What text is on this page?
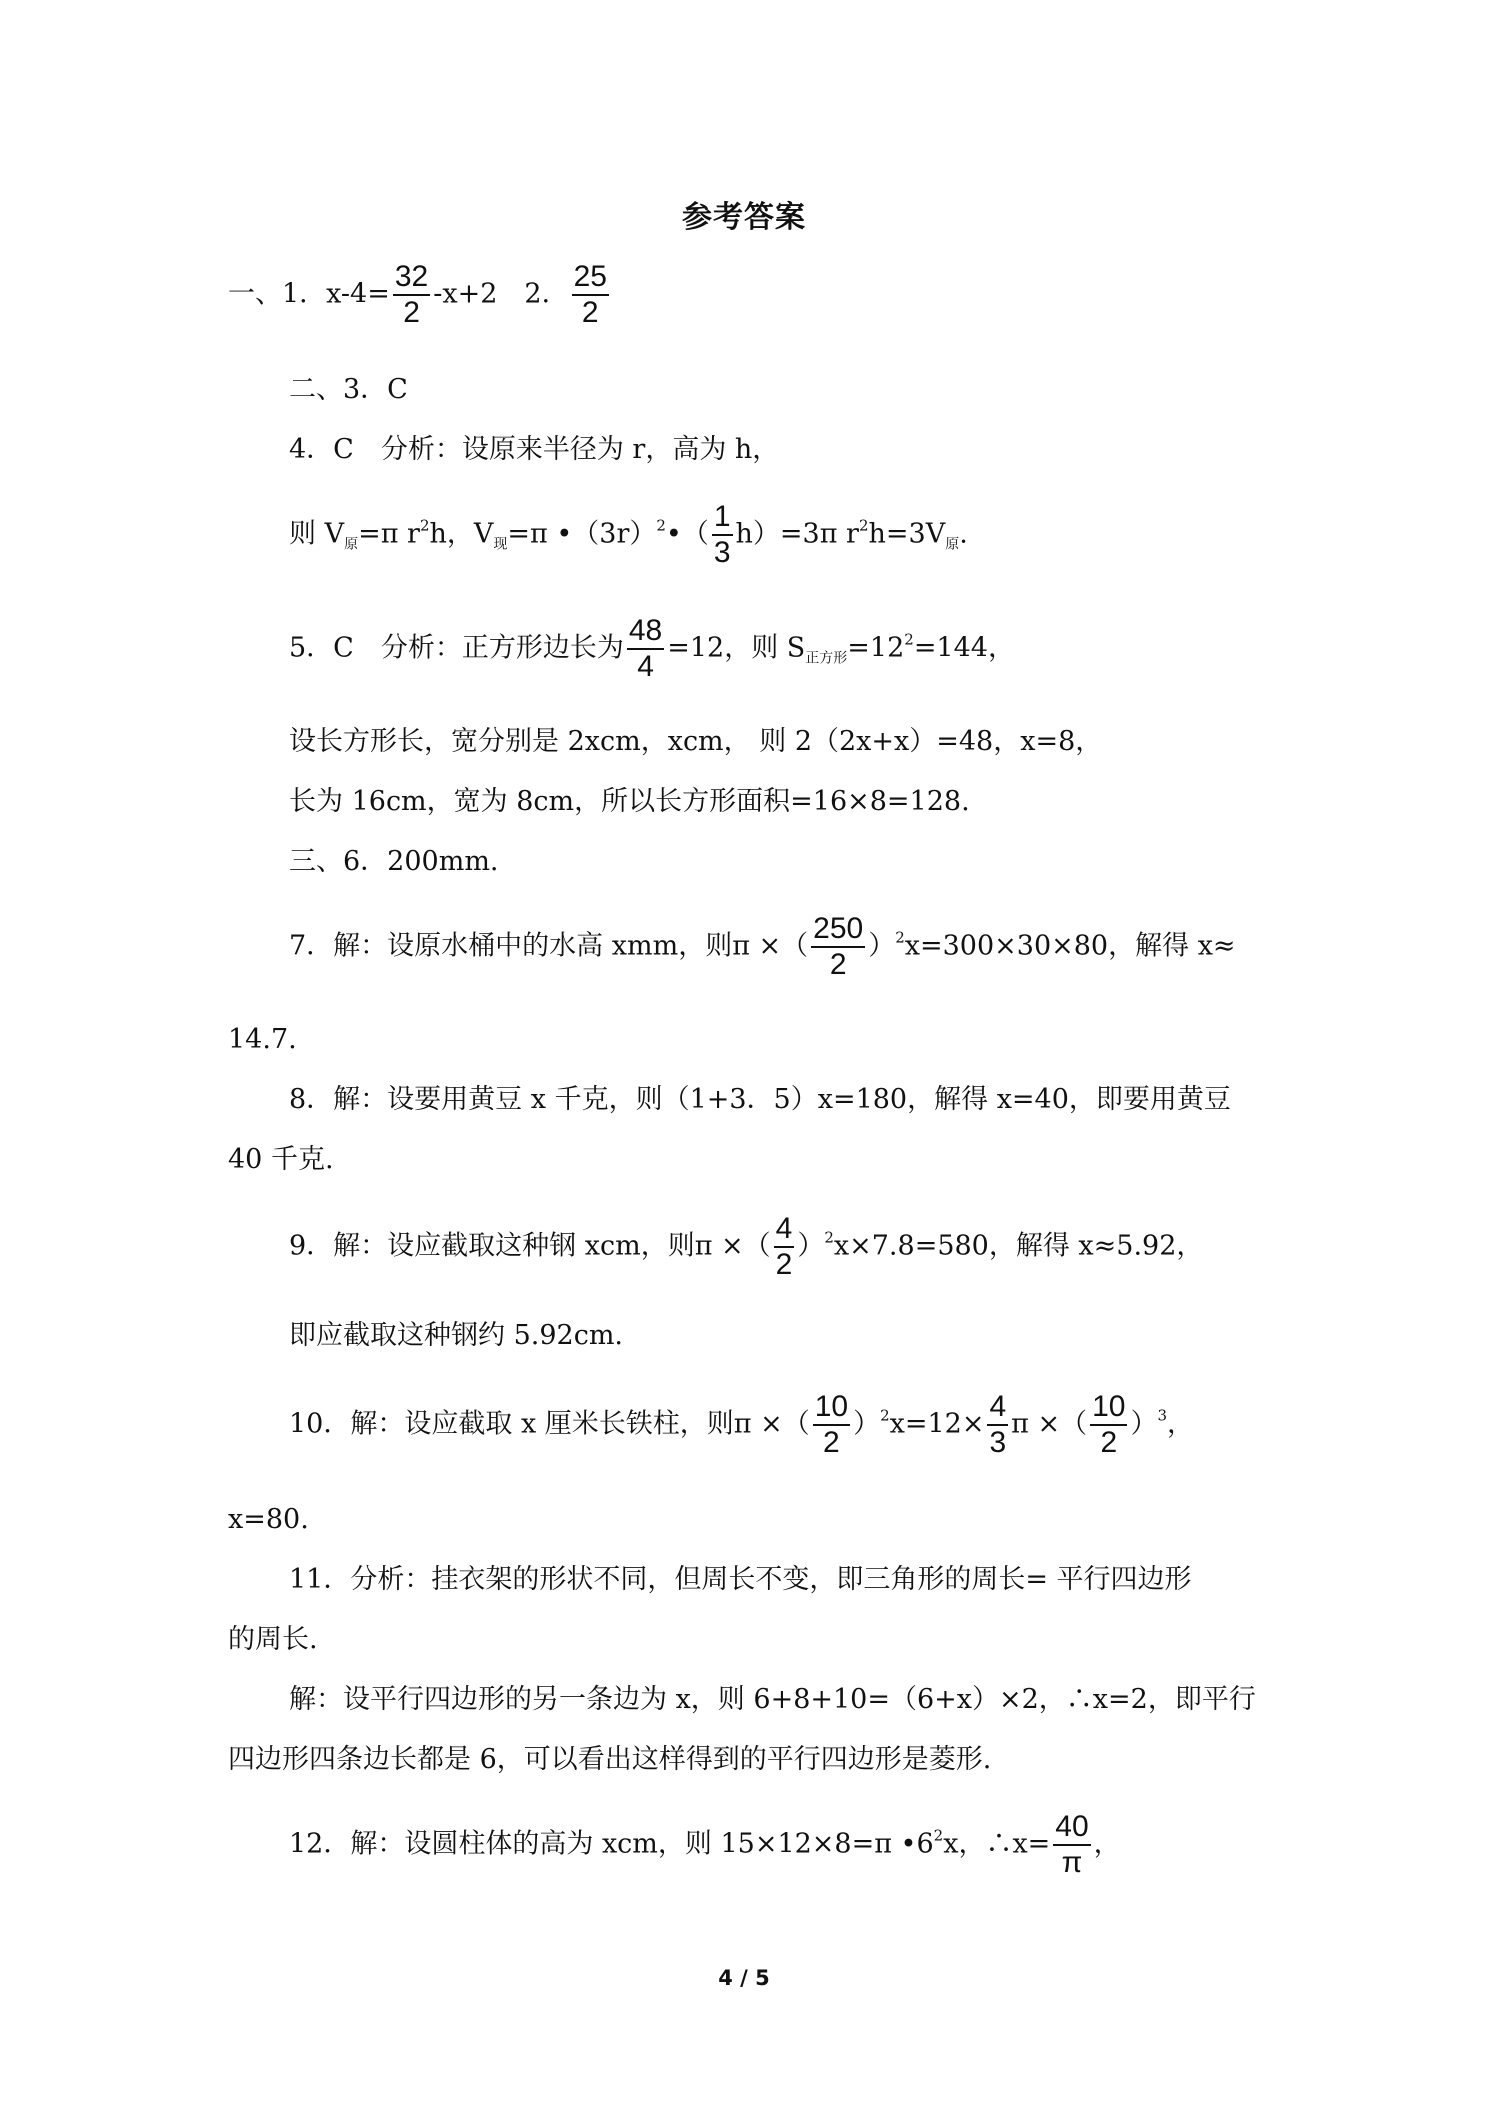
参考答案
一、1．$x-4= \frac{32}{2} -x+2$　2． $\frac{25}{2}$
二、3．C
4．C　分析：设原来半径为 r，高为 h，
则 $V_原=\pi$ $r^2h$，$V_现=\pi$ $•(3r)^2•( \frac{1}{3} h)=3\pi$ $r^2h=3V_原$.
5．C　分析：正方形边长为 $\frac{48}{4} =12$，则 $S_{正方形}=12^2=144$，
设长方形长，宽分别是 2xcm，xcm， 则 2（2x+x）=48，x=8，
长为 16cm，宽为 8cm，所以长方形面积=16×8=128.
三、6．200mm.
7．解：设原水桶中的水高 xmm，则π ×（ $\frac{250}{2} )^2x=300\times 30\times 80$，解得 x≈
14.7.
8．解：设要用黄豆 x 千克，则（1+3．5）x=180，解得 x=40，即要用黄豆
40 千克.
9．解：设应截取这种钢 xcm，则π ×（ $\frac{4}{2} )^2x\times 7.8=580$，解得 x≈5.92，
即应截取这种钢约 5.92cm.
10．解：设应截取 x 厘米长铁柱，则π ×（ $\frac{10}{2} )^2x=12\times \frac{4}{3}$ π ×（ $\frac{10}{2} )^3$，
x=80.
11．分析：挂衣架的形状不同，但周长不变，即三角形的周长= 平行四边形
的周长.
解：设平行四边形的另一条边为 x，则 6+8+10=（6+x）×2，∴x=2，即平行
四边形四条边长都是 6，可以看出这样得到的平行四边形是菱形.
12．解：设圆柱体的高为 xcm，则 15×12×8=π $•6^2x$，∴x= $\frac{40}{\pi}$ ，
4 / 5
